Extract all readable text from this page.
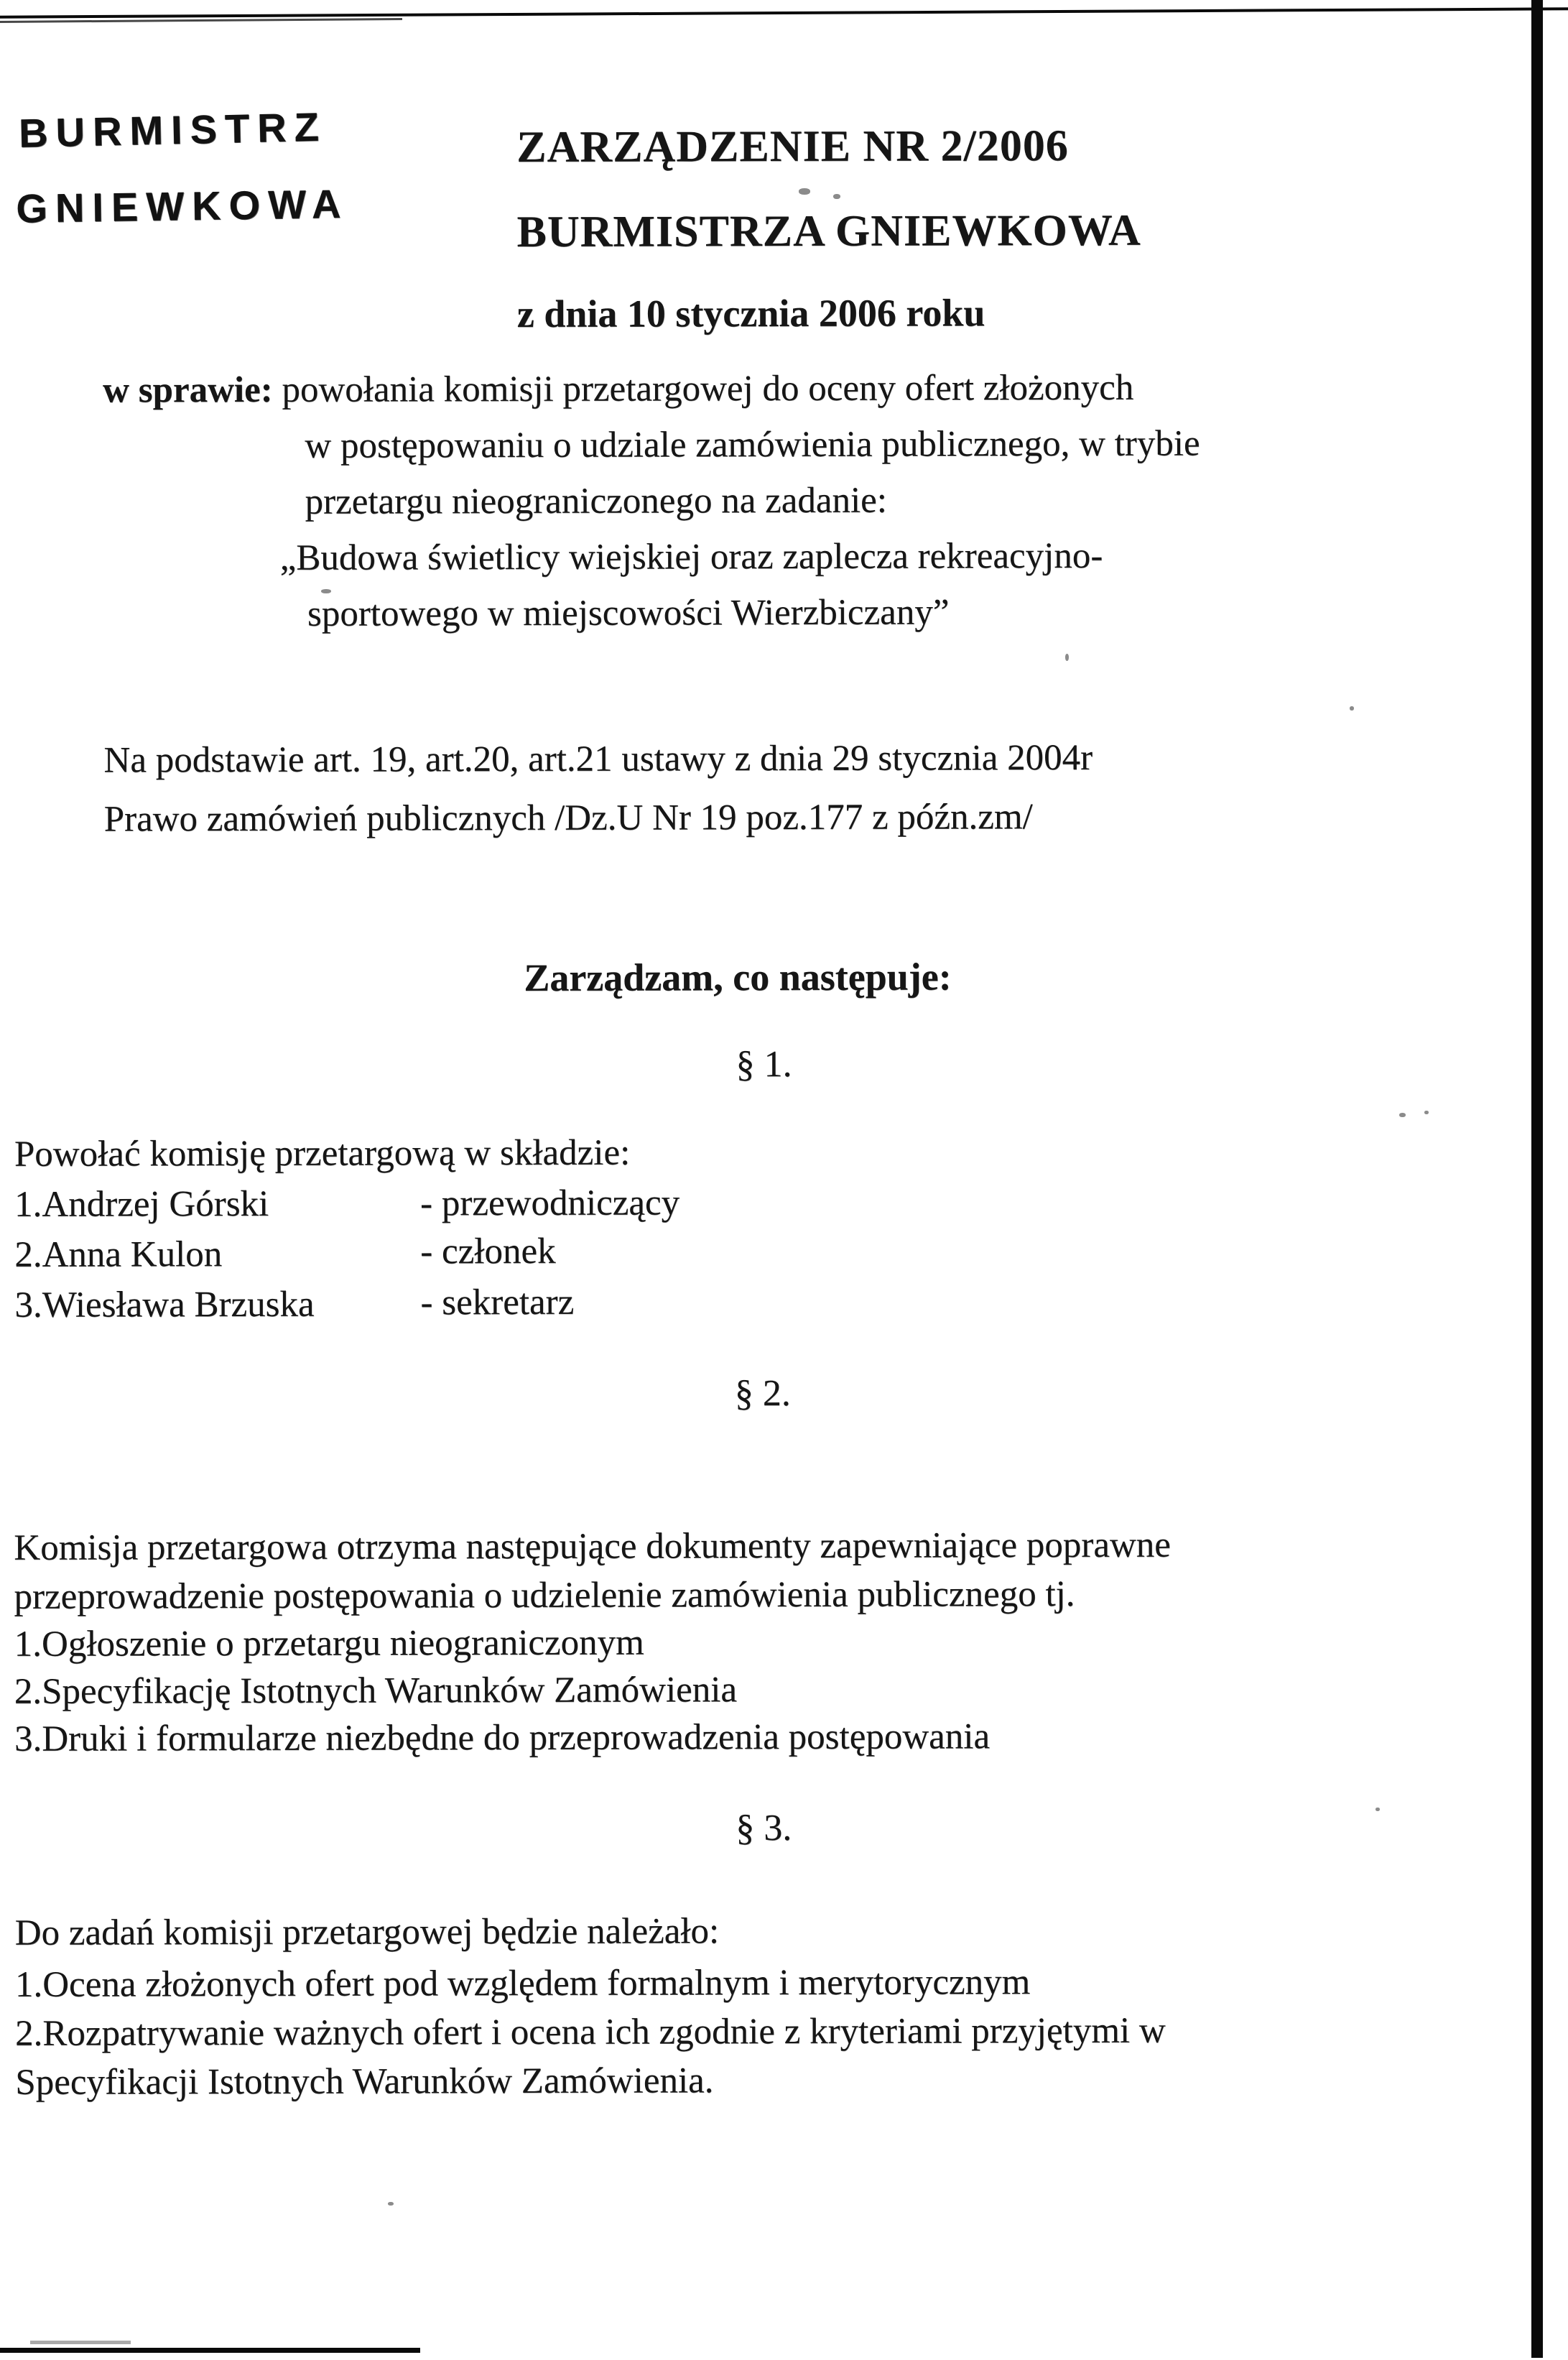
BURMISTRZ
GNIEWKOWA
ZARZĄDZENIE NR 2/2006
BURMISTRZA GNIEWKOWA
z dnia 10 stycznia 2006 roku
w sprawie: powołania komisji przetargowej do oceny ofert złożonych
w postępowaniu o udziale zamówienia publicznego, w trybie
przetargu nieograniczonego na zadanie:
„Budowa świetlicy wiejskiej oraz zaplecza rekreacyjno-
sportowego w miejscowości Wierzbiczany”
Na podstawie art. 19, art.20, art.21 ustawy z dnia 29 stycznia 2004r
Prawo zamówień publicznych /Dz.U Nr 19 poz.177 z późn.zm/
Zarządzam, co następuje:
§ 1.
Powołać komisję przetargową w składzie:
1.Andrzej Górski	- przewodniczący
2.Anna Kulon	- członek
3.Wiesława Brzuska	- sekretarz
§ 2.
Komisja przetargowa otrzyma następujące dokumenty zapewniające poprawne
przeprowadzenie postępowania o udzielenie zamówienia publicznego tj.
1.Ogłoszenie o przetargu nieograniczonym
2.Specyfikację Istotnych Warunków Zamówienia
3.Druki i formularze niezbędne do przeprowadzenia postępowania
§ 3.
Do zadań komisji przetargowej będzie należało:
1.Ocena złożonych ofert pod względem formalnym i merytorycznym
2.Rozpatrywanie ważnych ofert i ocena ich zgodnie z kryteriami przyjętymi w
Specyfikacji Istotnych Warunków Zamówienia.
